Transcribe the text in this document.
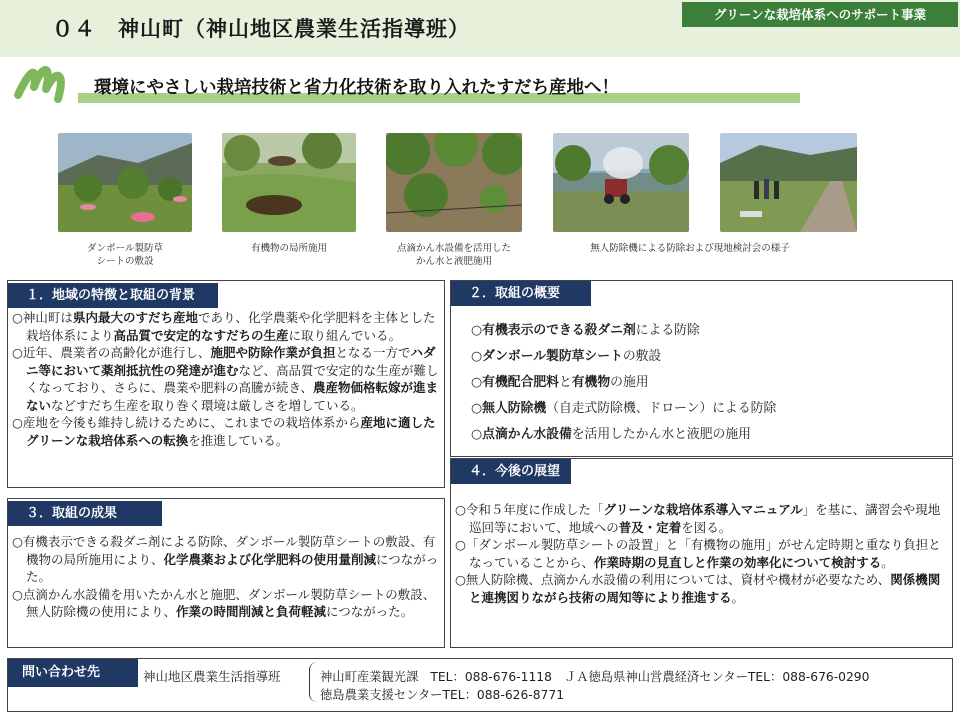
０４　神山町（神山地区農業生活指導班）
グリーンな栽培体系へのサポート事業
環境にやさしい栽培技術と省力化技術を取り入れたすだち産地へ！
ダンボール製防草
シートの敷設
有機物の局所施用	点滴かん水設備を活用した
かん水と液肥施用
無人防除機による防除および現地検討会の様子
１．地域の特徴と取組の背景
○ 神山町は県内最大のすだち産地であり、化学農薬や化学肥料を主体とした栽培体系により高品質で安定的なすだちの生産に取り組んでいる。
○ 近年、農業者の高齢化が進行し、施肥や防除作業が負担となる一方でハダニ等において薬剤抵抗性の発達が進むなど、高品質で安定的な生産が難しくなっており、さらに、農業や肥料の高騰が続き、農産物価格転嫁が進まないなどすだち生産を取り巻く環境は厳しさを増している。
○ 産地を今後も維持し続けるために、これまでの栽培体系から産地に適したグリーンな栽培体系への転換を推進している。
２．取組の概要
○ 有機表示のできる殺ダニ剤による防除
○ ダンボール製防草シートの敷設
○ 有機配合肥料と有機物の施用
○ 無人防除機（自走式防除機、ドローン）による防除
○ 点滴かん水設備を活用したかん水と液肥の施用
３．取組の成果
○ 有機表示できる殺ダニ剤による防除、ダンボール製防草シートの敷設、有機物の局所施用により、化学農薬および化学肥料の使用量削減につながった。
○ 点滴かん水設備を用いたかん水と施肥、ダンボール製防草シートの敷設、無人防除機の使用により、作業の時間削減と負荷軽減につながった。
４．今後の展望
○ 令和５年度に作成した「グリーンな栽培体系導入マニュアル」を基に、講習会や現地巡回等において、地域への普及・定着を図る。
○ 「ダンボール製防草シートの設置」と「有機物の施用」がせん定時期と重なり負担となっていることから、作業時期の見直しと作業の効率化について検討する。
○ 無人防除機、点滴かん水設備の利用については、資材や機材が必要なため、関係機関と連携図りながら技術の周知等により推進する。
問い合わせ先	神山地区農業生活指導班	神山町産業観光課 TEL：088-676-1118 ＪＡ徳島県神山営農経済センターTEL：088-676-0290
徳島農業支援センターTEL：088-626-8771
